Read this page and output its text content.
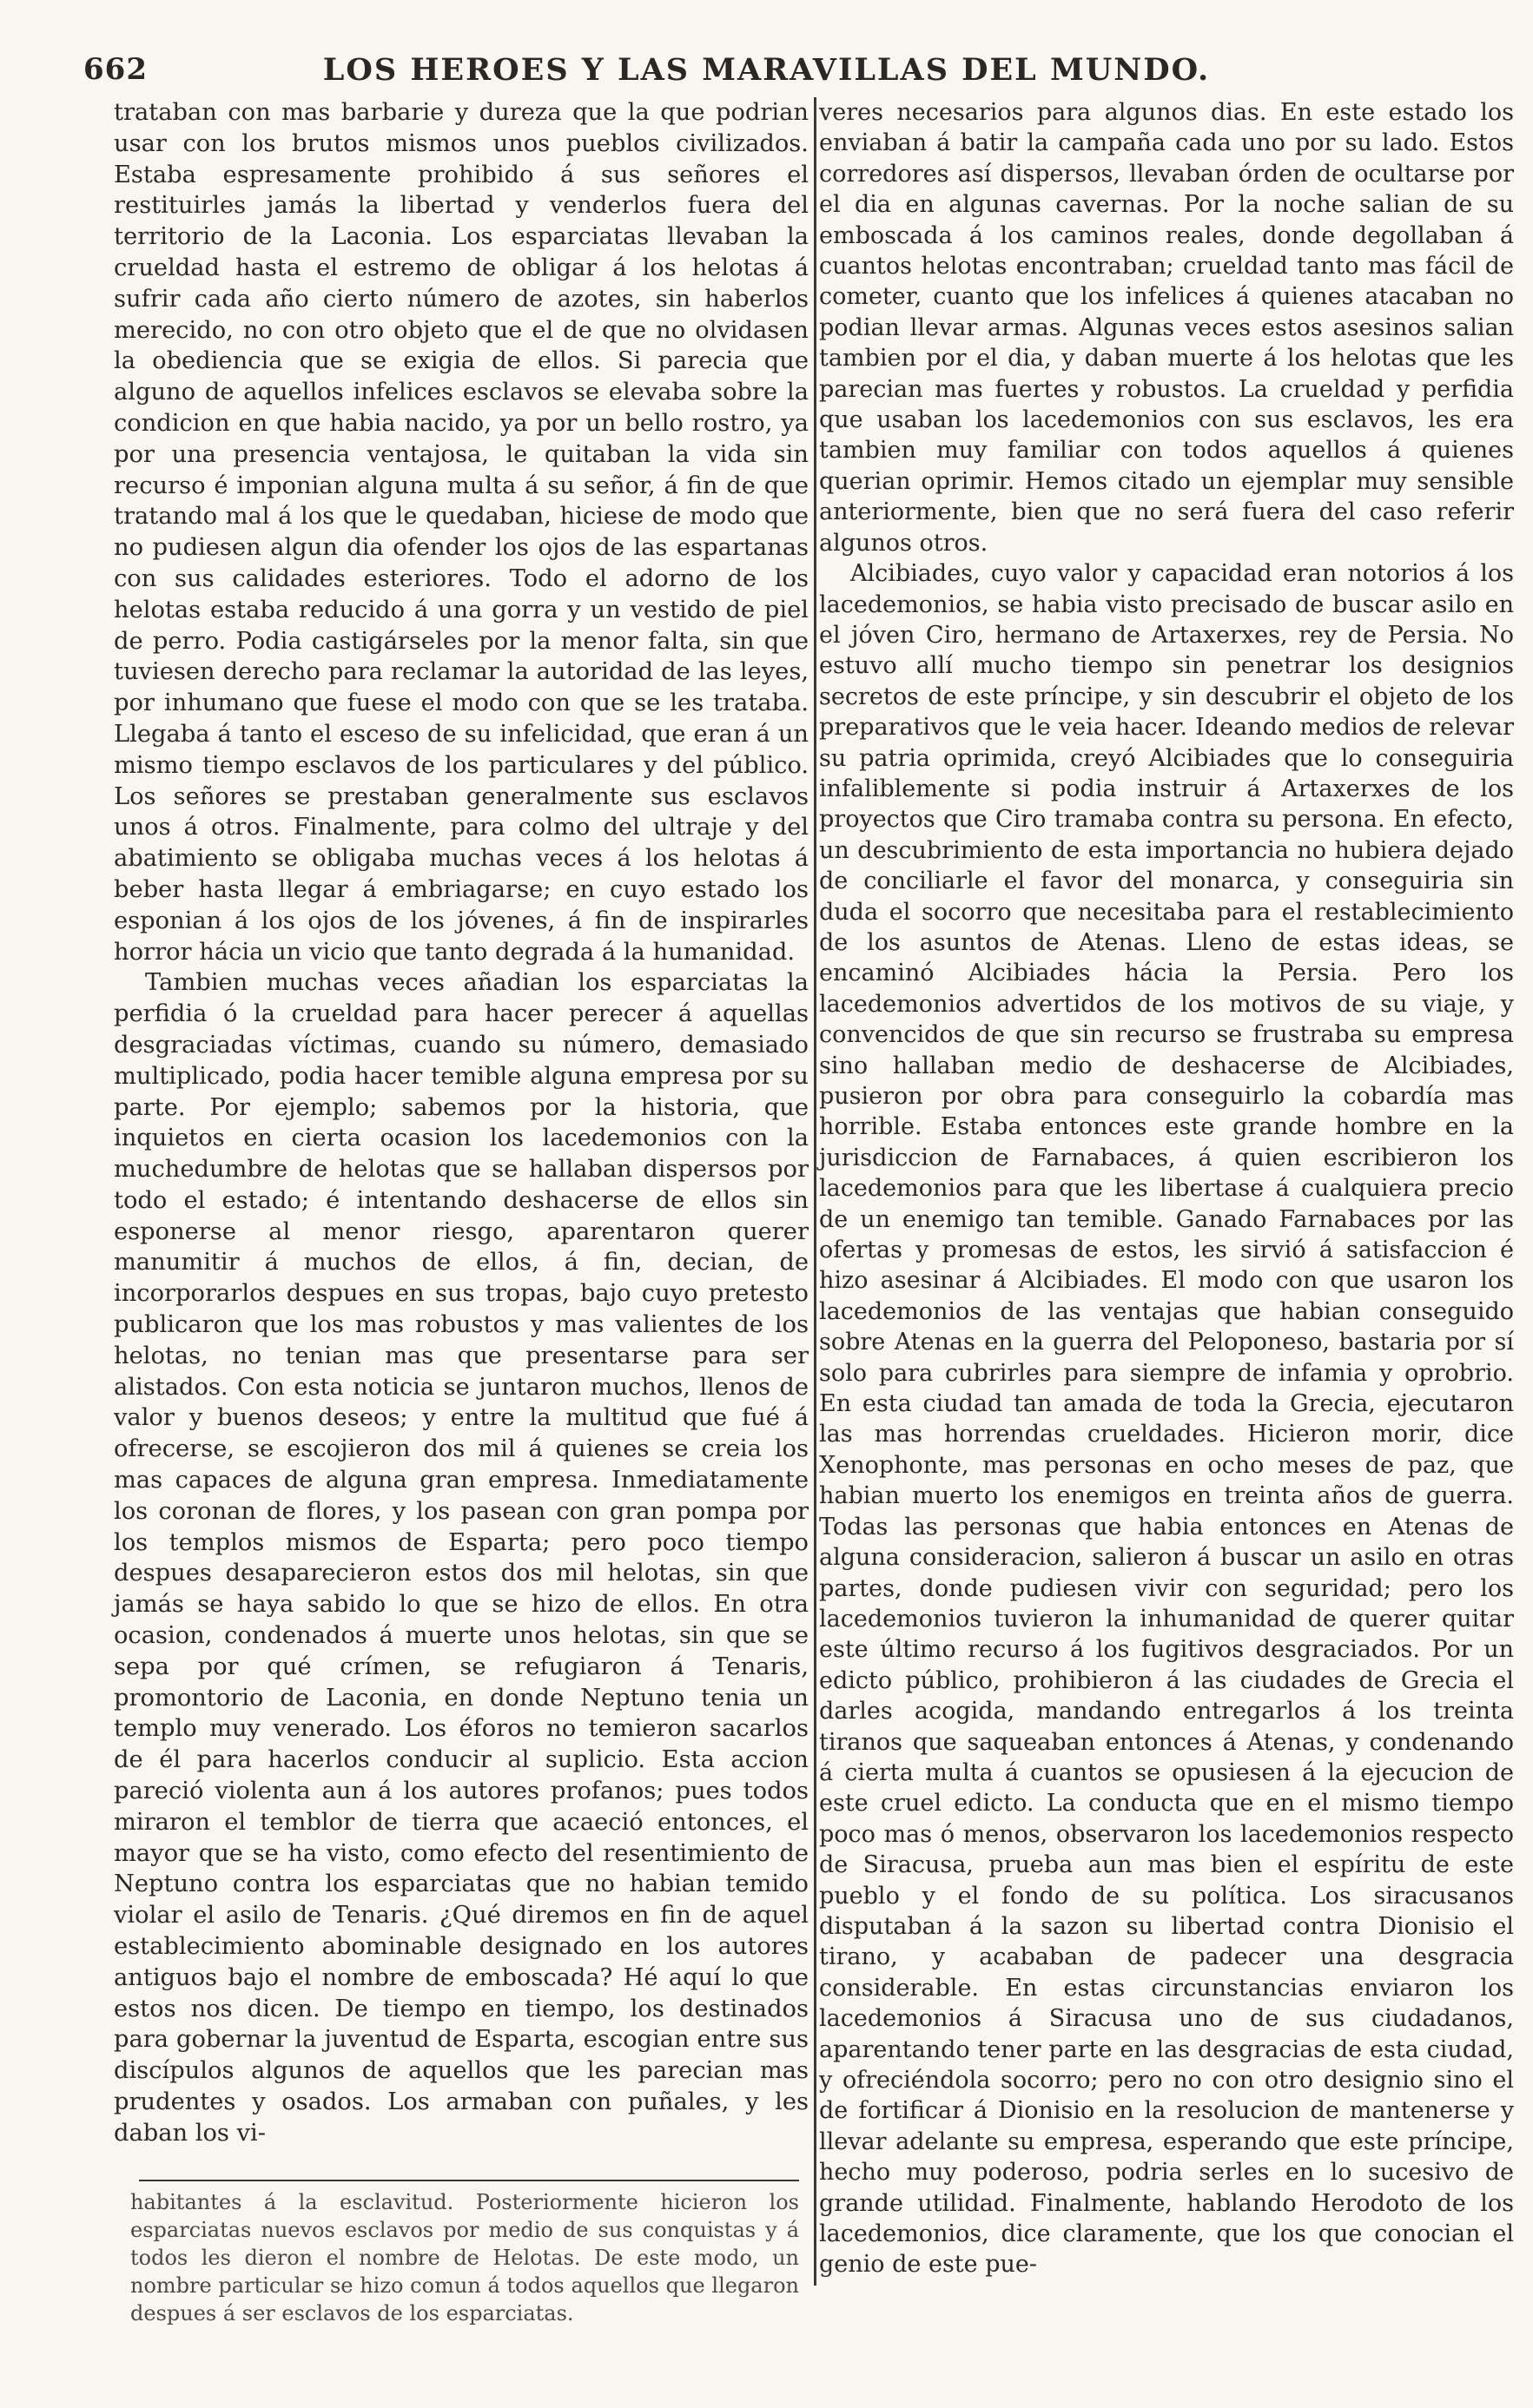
662	LOS HEROES Y LAS MARAVILLAS DEL MUNDO.

trataban con mas barbarie y dureza que la que podrian usar con los brutos mismos unos pueblos civilizados. Estaba espresamente prohibido á sus señores el restituirles jamás la libertad y venderlos fuera del territorio de la Laconia. Los esparciatas llevaban la crueldad hasta el estremo de obligar á los helotas á sufrir cada año cierto número de azotes, sin haberlos merecido, no con otro objeto que el de que no olvidasen la obediencia que se exigia de ellos. Si parecia que alguno de aquellos infelices esclavos se elevaba sobre la condicion en que habia nacido, ya por un bello rostro, ya por una presencia ventajosa, le quitaban la vida sin recurso é imponian alguna multa á su señor, á fin de que tratando mal á los que le quedaban, hiciese de modo que no pudiesen algun dia ofender los ojos de las espartanas con sus calidades esteriores. Todo el adorno de los helotas estaba reducido á una gorra y un vestido de piel de perro. Podia castigárseles por la menor falta, sin que tuviesen derecho para reclamar la autoridad de las leyes, por inhumano que fuese el modo con que se les trataba. Llegaba á tanto el esceso de su infelicidad, que eran á un mismo tiempo esclavos de los particulares y del público. Los señores se prestaban generalmente sus esclavos unos á otros. Finalmente, para colmo del ultraje y del abatimiento se obligaba muchas veces á los helotas á beber hasta llegar á embriagarse; en cuyo estado los esponian á los ojos de los jóvenes, á fin de inspirarles horror hácia un vicio que tanto degrada á la humanidad.

Tambien muchas veces añadian los esparciatas la perfidia ó la crueldad para hacer perecer á aquellas desgraciadas víctimas, cuando su número, demasiado multiplicado, podia hacer temible alguna empresa por su parte. Por ejemplo; sabemos por la historia, que inquietos en cierta ocasion los lacedemonios con la muchedumbre de helotas que se hallaban dispersos por todo el estado; é intentando deshacerse de ellos sin esponerse al menor riesgo, aparentaron querer manumitir á muchos de ellos, á fin, decian, de incorporarlos despues en sus tropas, bajo cuyo pretesto publicaron que los mas robustos y mas valientes de los helotas, no tenian mas que presentarse para ser alistados. Con esta noticia se juntaron muchos, llenos de valor y buenos deseos; y entre la multitud que fué á ofrecerse, se escojieron dos mil á quienes se creia los mas capaces de alguna gran empresa. Inmediatamente los coronan de flores, y los pasean con gran pompa por los templos mismos de Esparta; pero poco tiempo despues desaparecieron estos dos mil helotas, sin que jamás se haya sabido lo que se hizo de ellos. En otra ocasion, condenados á muerte unos helotas, sin que se sepa por qué crímen, se refugiaron á Tenaris, promontorio de Laconia, en donde Neptuno tenia un templo muy venerado. Los éforos no temieron sacarlos de él para hacerlos conducir al suplicio. Esta accion pareció violenta aun á los autores profanos; pues todos miraron el temblor de tierra que acaeció entonces, el mayor que se ha visto, como efecto del resentimiento de Neptuno contra los esparciatas que no habian temido violar el asilo de Tenaris. ¿Qué diremos en fin de aquel establecimiento abominable designado en los autores antiguos bajo el nombre de emboscada? Hé aquí lo que estos nos dicen. De tiempo en tiempo, los destinados para gobernar la juventud de Esparta, escogian entre sus discípulos algunos de aquellos que les parecian mas prudentes y osados. Los armaban con puñales, y les daban los vi-

veres necesarios para algunos dias. En este estado los enviaban á batir la campaña cada uno por su lado. Estos corredores así dispersos, llevaban órden de ocultarse por el dia en algunas cavernas. Por la noche salian de su emboscada á los caminos reales, donde degollaban á cuantos helotas encontraban; crueldad tanto mas fácil de cometer, cuanto que los infelices á quienes atacaban no podian llevar armas. Algunas veces estos asesinos salian tambien por el dia, y daban muerte á los helotas que les parecian mas fuertes y robustos. La crueldad y perfidia que usaban los lacedemonios con sus esclavos, les era tambien muy familiar con todos aquellos á quienes querian oprimir. Hemos citado un ejemplar muy sensible anteriormente, bien que no será fuera del caso referir algunos otros.

Alcibiades, cuyo valor y capacidad eran notorios á los lacedemonios, se habia visto precisado de buscar asilo en el jóven Ciro, hermano de Artaxerxes, rey de Persia. No estuvo allí mucho tiempo sin penetrar los designios secretos de este príncipe, y sin descubrir el objeto de los preparativos que le veia hacer. Ideando medios de relevar su patria oprimida, creyó Alcibiades que lo conseguiria infaliblemente si podia instruir á Artaxerxes de los proyectos que Ciro tramaba contra su persona. En efecto, un descubrimiento de esta importancia no hubiera dejado de conciliarle el favor del monarca, y conseguiria sin duda el socorro que necesitaba para el restablecimiento de los asuntos de Atenas. Lleno de estas ideas, se encaminó Alcibiades hácia la Persia. Pero los lacedemonios advertidos de los motivos de su viaje, y convencidos de que sin recurso se frustraba su empresa sino hallaban medio de deshacerse de Alcibiades, pusieron por obra para conseguirlo la cobardía mas horrible. Estaba entonces este grande hombre en la jurisdiccion de Farnabaces, á quien escribieron los lacedemonios para que les libertase á cualquiera precio de un enemigo tan temible. Ganado Farnabaces por las ofertas y promesas de estos, les sirvió á satisfaccion é hizo asesinar á Alcibiades. El modo con que usaron los lacedemonios de las ventajas que habian conseguido sobre Atenas en la guerra del Peloponeso, bastaria por sí solo para cubrirles para siempre de infamia y oprobrio. En esta ciudad tan amada de toda la Grecia, ejecutaron las mas horrendas crueldades. Hicieron morir, dice Xenophonte, mas personas en ocho meses de paz, que habian muerto los enemigos en treinta años de guerra. Todas las personas que habia entonces en Atenas de alguna consideracion, salieron á buscar un asilo en otras partes, donde pudiesen vivir con seguridad; pero los lacedemonios tuvieron la inhumanidad de querer quitar este último recurso á los fugitivos desgraciados. Por un edicto público, prohibieron á las ciudades de Grecia el darles acogida, mandando entregarlos á los treinta tiranos que saqueaban entonces á Atenas, y condenando á cierta multa á cuantos se opusiesen á la ejecucion de este cruel edicto. La conducta que en el mismo tiempo poco mas ó menos, observaron los lacedemonios respecto de Siracusa, prueba aun mas bien el espíritu de este pueblo y el fondo de su política. Los siracusanos disputaban á la sazon su libertad contra Dionisio el tirano, y acababan de padecer una desgracia considerable. En estas circunstancias enviaron los lacedemonios á Siracusa uno de sus ciudadanos, aparentando tener parte en las desgracias de esta ciudad, y ofreciéndola socorro; pero no con otro designio sino el de fortificar á Dionisio en la resolucion de mantenerse y llevar adelante su empresa, esperando que este príncipe, hecho muy poderoso, podria serles en lo sucesivo de grande utilidad. Finalmente, hablando Herodoto de los lacedemonios, dice claramente, que los que conocian el genio de este pue-

habitantes á la esclavitud. Posteriormente hicieron los esparciatas nuevos esclavos por medio de sus conquistas y á todos les dieron el nombre de Helotas. De este modo, un nombre particular se hizo comun á todos aquellos que llegaron despues á ser esclavos de los esparciatas.
